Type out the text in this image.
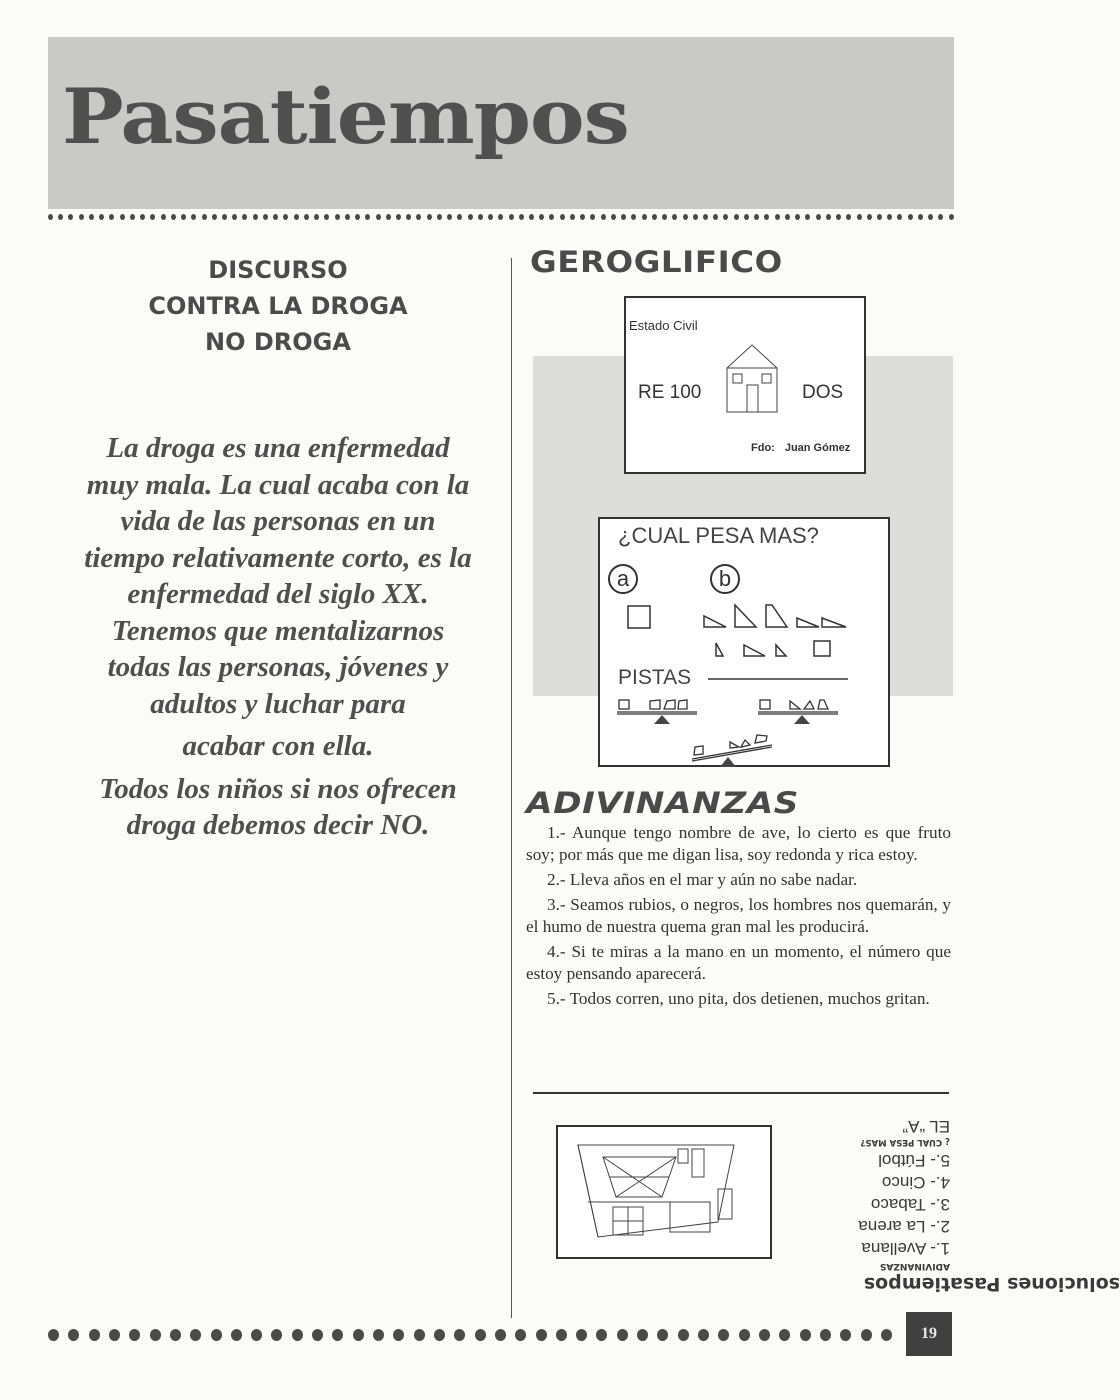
Pasatiempos
DISCURSO
CONTRA LA DROGA
NO DROGA

La droga es una enfermedad

muy mala. La cual acaba con la

vida de las personas en un

tiempo relativamente corto, es la

enfermedad del siglo XX.

Tenemos que mentalizarnos

todas las personas, jóvenes y

adultos y luchar para

acabar con ella.

Todos los niños si nos ofrecen

droga debemos decir NO.

GEROGLIFICO
Estado Civil
RE 100	DOS
Fdo: Juan Gómez
¿CUAL PESA MAS?
a	b
PISTAS
ADIVINANZAS

1.- Aunque tengo nombre de ave, lo cierto es que fruto soy; por más que me digan lisa, soy redonda y rica estoy.

2.- Lleva años en el mar y aún no sabe nadar.

3.- Seamos rubios, o negros, los hombres nos quemarán, y el humo de nuestra quema gran mal les producirá.

4.- Si te miras a la mano en un momento, el número que estoy pensando aparecerá.

5.- Todos corren, uno pita, dos detienen, muchos gritan.

soluciones Pasatiempos
ADIVINANZAS
1.- Avellana
2.- La arena
3.- Tabaco
4.- Cinco
5.- Fútbol
¿ CUAL PESA MAS?
EL “A”
19
